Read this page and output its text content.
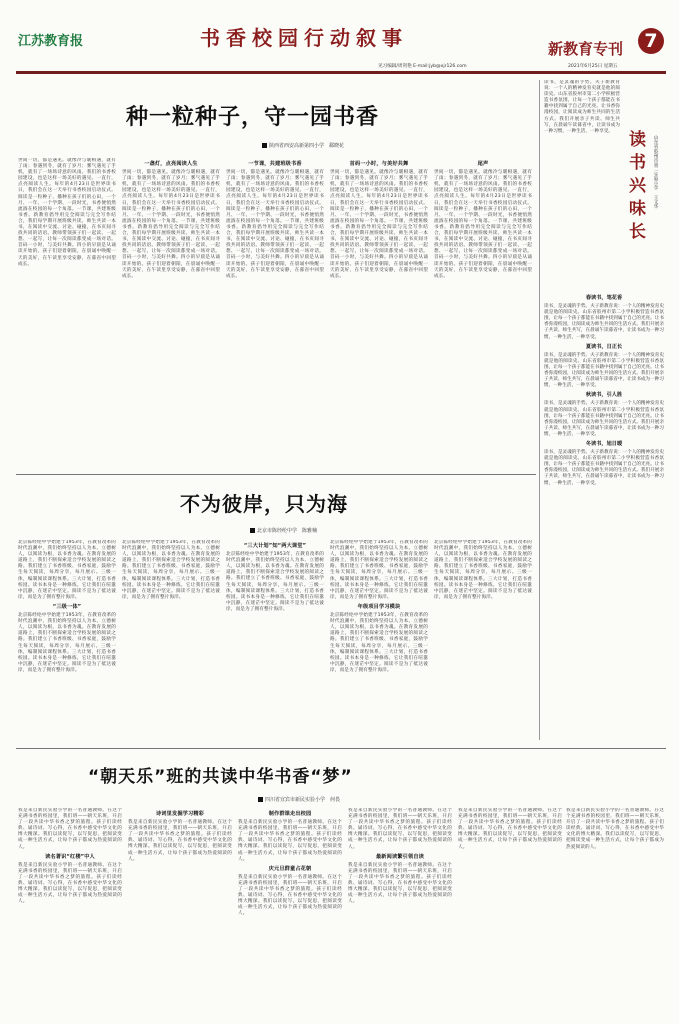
江苏教育报	书香校园行动叙事	新教育专刊	7
见习编辑/周剑艳 E-mail:jyb@xjr126.com	2021年6月25日 星期五
种一粒种子，守一园书香
陕西省西安高新第四小学　郗晓花
世间一切，都是遇见。就像冷与暖相遇，就有了雨；春遇到冬，就有了岁月；雾气遇见了手机，就有了一场场诗意的风雨。我们的书香校园建设，也是这样一场美好的遇见。一直行，点亮阅读人生。每年的4月23日是世界读书日，我们会在这一天举行书香校园启动仪式。阅读是一粒种子，播种在孩子们的心田，一个月、一年、一个学期、一段时光，书香便悄然流淌在校园的每一个角落。一节课，共建班级书香。新教育倡导用完全阅读与完全写作结合，我们每学期开展班级共读，师生共读一本书，在阅读中交流、讨论、碰撞，在书页间寻找共同的话语。教师带领孩子们一起读、一起想、一起写，让每一次阅读都变成一场对话。首码一小时，与美好共舞。四小的早晨是从诵读开始的。孩子们迎着朝阳，在晨诵中唤醒一天的美好，在午读里享受安静，在暮省中回望成长。
一盏灯，点亮阅读人生
世间一切，都是遇见。就像冷与暖相遇，就有了雨；春遇到冬，就有了岁月；雾气遇见了手机，就有了一场场诗意的风雨。我们的书香校园建设，也是这样一场美好的遇见。一直行，点亮阅读人生。每年的4月23日是世界读书日，我们会在这一天举行书香校园启动仪式。阅读是一粒种子，播种在孩子们的心田，一个月、一年、一个学期、一段时光，书香便悄然流淌在校园的每一个角落。一节课，共建班级书香。新教育倡导用完全阅读与完全写作结合，我们每学期开展班级共读，师生共读一本书，在阅读中交流、讨论、碰撞，在书页间寻找共同的话语。教师带领孩子们一起读、一起想、一起写，让每一次阅读都变成一场对话。首码一小时，与美好共舞。四小的早晨是从诵读开始的。孩子们迎着朝阳，在晨诵中唤醒一天的美好，在午读里享受安静，在暮省中回望成长。
一节课，共建班级书香
世间一切，都是遇见。就像冷与暖相遇，就有了雨；春遇到冬，就有了岁月；雾气遇见了手机，就有了一场场诗意的风雨。我们的书香校园建设，也是这样一场美好的遇见。一直行，点亮阅读人生。每年的4月23日是世界读书日，我们会在这一天举行书香校园启动仪式。阅读是一粒种子，播种在孩子们的心田，一个月、一年、一个学期、一段时光，书香便悄然流淌在校园的每一个角落。一节课，共建班级书香。新教育倡导用完全阅读与完全写作结合，我们每学期开展班级共读，师生共读一本书，在阅读中交流、讨论、碰撞，在书页间寻找共同的话语。教师带领孩子们一起读、一起想、一起写，让每一次阅读都变成一场对话。首码一小时，与美好共舞。四小的早晨是从诵读开始的。孩子们迎着朝阳，在晨诵中唤醒一天的美好，在午读里享受安静，在暮省中回望成长。
首码一小时，与美好共舞
世间一切，都是遇见。就像冷与暖相遇，就有了雨；春遇到冬，就有了岁月；雾气遇见了手机，就有了一场场诗意的风雨。我们的书香校园建设，也是这样一场美好的遇见。一直行，点亮阅读人生。每年的4月23日是世界读书日，我们会在这一天举行书香校园启动仪式。阅读是一粒种子，播种在孩子们的心田，一个月、一年、一个学期、一段时光，书香便悄然流淌在校园的每一个角落。一节课，共建班级书香。新教育倡导用完全阅读与完全写作结合，我们每学期开展班级共读，师生共读一本书，在阅读中交流、讨论、碰撞，在书页间寻找共同的话语。教师带领孩子们一起读、一起想、一起写，让每一次阅读都变成一场对话。首码一小时，与美好共舞。四小的早晨是从诵读开始的。孩子们迎着朝阳，在晨诵中唤醒一天的美好，在午读里享受安静，在暮省中回望成长。
尾声
世间一切，都是遇见。就像冷与暖相遇，就有了雨；春遇到冬，就有了岁月；雾气遇见了手机，就有了一场场诗意的风雨。我们的书香校园建设，也是这样一场美好的遇见。一直行，点亮阅读人生。每年的4月23日是世界读书日，我们会在这一天举行书香校园启动仪式。阅读是一粒种子，播种在孩子们的心田，一个月、一年、一个学期、一段时光，书香便悄然流淌在校园的每一个角落。一节课，共建班级书香。新教育倡导用完全阅读与完全写作结合，我们每学期开展班级共读，师生共读一本书，在阅读中交流、讨论、碰撞，在书页间寻找共同的话语。教师带领孩子们一起读、一起想、一起写，让每一次阅读都变成一场对话。首码一小时，与美好共舞。四小的早晨是从诵读开始的。孩子们迎着朝阳，在晨诵中唤醒一天的美好，在午读里享受安静，在暮省中回望成长。
读书，是灵魂的手势。夫子新教育说：一个人的精神发育史就是他的阅读史。山东省胶州市第二小学积极营造书香氛围，让每一个孩子都能在书籍中找到属于自己的光亮。让书香弥漫校园，让阅读成为师生共同的生活方式。我们开展亲子共读、师生共写，在晨诵午读暮省中，让读书成为一种习惯，一种生活，一种享受。 读书兴味长	山东省胶州市第二实验小学　王文华
春读书，笔花香
读书，是灵魂的手势。夫子新教育说：一个人的精神发育史就是他的阅读史。山东省胶州市第二小学积极营造书香氛围，让每一个孩子都能在书籍中找到属于自己的光亮。让书香弥漫校园，让阅读成为师生共同的生活方式。我们开展亲子共读、师生共写，在晨诵午读暮省中，让读书成为一种习惯，一种生活，一种享受。
夏读书，日正长
读书，是灵魂的手势。夫子新教育说：一个人的精神发育史就是他的阅读史。山东省胶州市第二小学积极营造书香氛围，让每一个孩子都能在书籍中找到属于自己的光亮。让书香弥漫校园，让阅读成为师生共同的生活方式。我们开展亲子共读、师生共写，在晨诵午读暮省中，让读书成为一种习惯，一种生活，一种享受。
秋读书，引人胜
读书，是灵魂的手势。夫子新教育说：一个人的精神发育史就是他的阅读史。山东省胶州市第二小学积极营造书香氛围，让每一个孩子都能在书籍中找到属于自己的光亮。让书香弥漫校园，让阅读成为师生共同的生活方式。我们开展亲子共读、师生共写，在晨诵午读暮省中，让读书成为一种习惯，一种生活，一种享受。
冬读书，旭日暖
读书，是灵魂的手势。夫子新教育说：一个人的精神发育史就是他的阅读史。山东省胶州市第二小学积极营造书香氛围，让每一个孩子都能在书籍中找到属于自己的光亮。让书香弥漫校园，让阅读成为师生共同的生活方式。我们开展亲子共读、师生共写，在晨诵午读暮省中，让读书成为一种习惯，一种生活，一种享受。
不为彼岸，只为海
北京市陈经纶中学　陈雅楠
北京陈经纶中学始建于1953年，在教育改革的时代浪潮中，我们始终坚持以人为本、立德树人，以阅读为根，以书香为魂。在教育发展的道路上，我们不断探索适合学校发展的阅读之路。我们建立了书香班级、书香家庭，鼓励学生每天阅读，每周分享，每月展示。三级一体，编制阅读课程体系。三大计划，打造书香校园。读书本身是一种修炼，它让我们在喧嚣中沉静，在迷茫中坚定。阅读不是为了抵达彼岸，而是为了拥有整片海洋。
“三级一体”
北京陈经纶中学始建于1953年，在教育改革的时代浪潮中，我们始终坚持以人为本、立德树人，以阅读为根，以书香为魂。在教育发展的道路上，我们不断探索适合学校发展的阅读之路。我们建立了书香班级、书香家庭，鼓励学生每天阅读，每周分享，每月展示。三级一体，编制阅读课程体系。三大计划，打造书香校园。读书本身是一种修炼，它让我们在喧嚣中沉静，在迷茫中坚定。阅读不是为了抵达彼岸，而是为了拥有整片海洋。
北京陈经纶中学始建于1953年，在教育改革的时代浪潮中，我们始终坚持以人为本、立德树人，以阅读为根，以书香为魂。在教育发展的道路上，我们不断探索适合学校发展的阅读之路。我们建立了书香班级、书香家庭，鼓励学生每天阅读，每周分享，每月展示。三级一体，编制阅读课程体系。三大计划，打造书香校园。读书本身是一种修炼，它让我们在喧嚣中沉静，在迷茫中坚定。阅读不是为了抵达彼岸，而是为了拥有整片海洋。
“三大计划”知“两大课堂”
北京陈经纶中学始建于1953年，在教育改革的时代浪潮中，我们始终坚持以人为本、立德树人，以阅读为根，以书香为魂。在教育发展的道路上，我们不断探索适合学校发展的阅读之路。我们建立了书香班级、书香家庭，鼓励学生每天阅读，每周分享，每月展示。三级一体，编制阅读课程体系。三大计划，打造书香校园。读书本身是一种修炼，它让我们在喧嚣中沉静，在迷茫中坚定。阅读不是为了抵达彼岸，而是为了拥有整片海洋。
北京陈经纶中学始建于1953年，在教育改革的时代浪潮中，我们始终坚持以人为本、立德树人，以阅读为根，以书香为魂。在教育发展的道路上，我们不断探索适合学校发展的阅读之路。我们建立了书香班级、书香家庭，鼓励学生每天阅读，每周分享，每月展示。三级一体，编制阅读课程体系。三大计划，打造书香校园。读书本身是一种修炼，它让我们在喧嚣中沉静，在迷茫中坚定。阅读不是为了抵达彼岸，而是为了拥有整片海洋。
年级项目学习模块
北京陈经纶中学始建于1953年，在教育改革的时代浪潮中，我们始终坚持以人为本、立德树人，以阅读为根，以书香为魂。在教育发展的道路上，我们不断探索适合学校发展的阅读之路。我们建立了书香班级、书香家庭，鼓励学生每天阅读，每周分享，每月展示。三级一体，编制阅读课程体系。三大计划，打造书香校园。读书本身是一种修炼，它让我们在喧嚣中沉静，在迷茫中坚定。阅读不是为了抵达彼岸，而是为了拥有整片海洋。
北京陈经纶中学始建于1953年，在教育改革的时代浪潮中，我们始终坚持以人为本、立德树人，以阅读为根，以书香为魂。在教育发展的道路上，我们不断探索适合学校发展的阅读之路。我们建立了书香班级、书香家庭，鼓励学生每天阅读，每周分享，每月展示。三级一体，编制阅读课程体系。三大计划，打造书香校园。读书本身是一种修炼，它让我们在喧嚣中沉静，在迷茫中坚定。阅读不是为了抵达彼岸，而是为了拥有整片海洋。
“朝天乐”班的共读中华书香“梦”
四川省宜宾市新民实验小学　何畏
我是来自新民实验小学的一名普通教师。在这个充满书香的校园里，我们班——朝天乐班，开启了一段共读中华书香之梦的旅程。孩子们读经典、诵诗词、写心得，在书香中感受中华文化的博大精深。我们以读促写，以写促思，把阅读变成一种生活方式，让每个孩子都成为热爱阅读的人。
读名著识“红楼”中人
我是来自新民实验小学的一名普通教师。在这个充满书香的校园里，我们班——朝天乐班，开启了一段共读中华书香之梦的旅程。孩子们读经典、诵诗词、写心得，在书香中感受中华文化的博大精深。我们以读促写，以写促思，把阅读变成一种生活方式，让每个孩子都成为热爱阅读的人。
诗词里发掘学习精彩
我是来自新民实验小学的一名普通教师。在这个充满书香的校园里，我们班——朝天乐班，开启了一段共读中华书香之梦的旅程。孩子们读经典、诵诗词、写心得，在书香中感受中华文化的博大精深。我们以读促写，以写促思，把阅读变成一种生活方式，让每个孩子都成为热爱阅读的人。
制作群课走出校园
我是来自新民实验小学的一名普通教师。在这个充满书香的校园里，我们班——朝天乐班，开启了一段共读中华书香之梦的旅程。孩子们读经典、诵诗词、写心得，在书香中感受中华文化的博大精深。我们以读促写，以写促思，把阅读变成一种生活方式，让每个孩子都成为热爱阅读的人。
庆元旦群童占花朝
我是来自新民实验小学的一名普通教师。在这个充满书香的校园里，我们班——朝天乐班，开启了一段共读中华书香之梦的旅程。孩子们读经典、诵诗词、写心得，在书香中感受中华文化的博大精深。我们以读促写，以写促思，把阅读变成一种生活方式，让每个孩子都成为热爱阅读的人。
我是来自新民实验小学的一名普通教师。在这个充满书香的校园里，我们班——朝天乐班，开启了一段共读中华书香之梦的旅程。孩子们读经典、诵诗词、写心得，在书香中感受中华文化的博大精深。我们以读促写，以写促思，把阅读变成一种生活方式，让每个孩子都成为热爱阅读的人。
最新阅读繁引领自读
我是来自新民实验小学的一名普通教师。在这个充满书香的校园里，我们班——朝天乐班，开启了一段共读中华书香之梦的旅程。孩子们读经典、诵诗词、写心得，在书香中感受中华文化的博大精深。我们以读促写，以写促思，把阅读变成一种生活方式，让每个孩子都成为热爱阅读的人。
我是来自新民实验小学的一名普通教师。在这个充满书香的校园里，我们班——朝天乐班，开启了一段共读中华书香之梦的旅程。孩子们读经典、诵诗词、写心得，在书香中感受中华文化的博大精深。我们以读促写，以写促思，把阅读变成一种生活方式，让每个孩子都成为热爱阅读的人。
我是来自新民实验小学的一名普通教师。在这个充满书香的校园里，我们班——朝天乐班，开启了一段共读中华书香之梦的旅程。孩子们读经典、诵诗词、写心得，在书香中感受中华文化的博大精深。我们以读促写，以写促思，把阅读变成一种生活方式，让每个孩子都成为热爱阅读的人。
